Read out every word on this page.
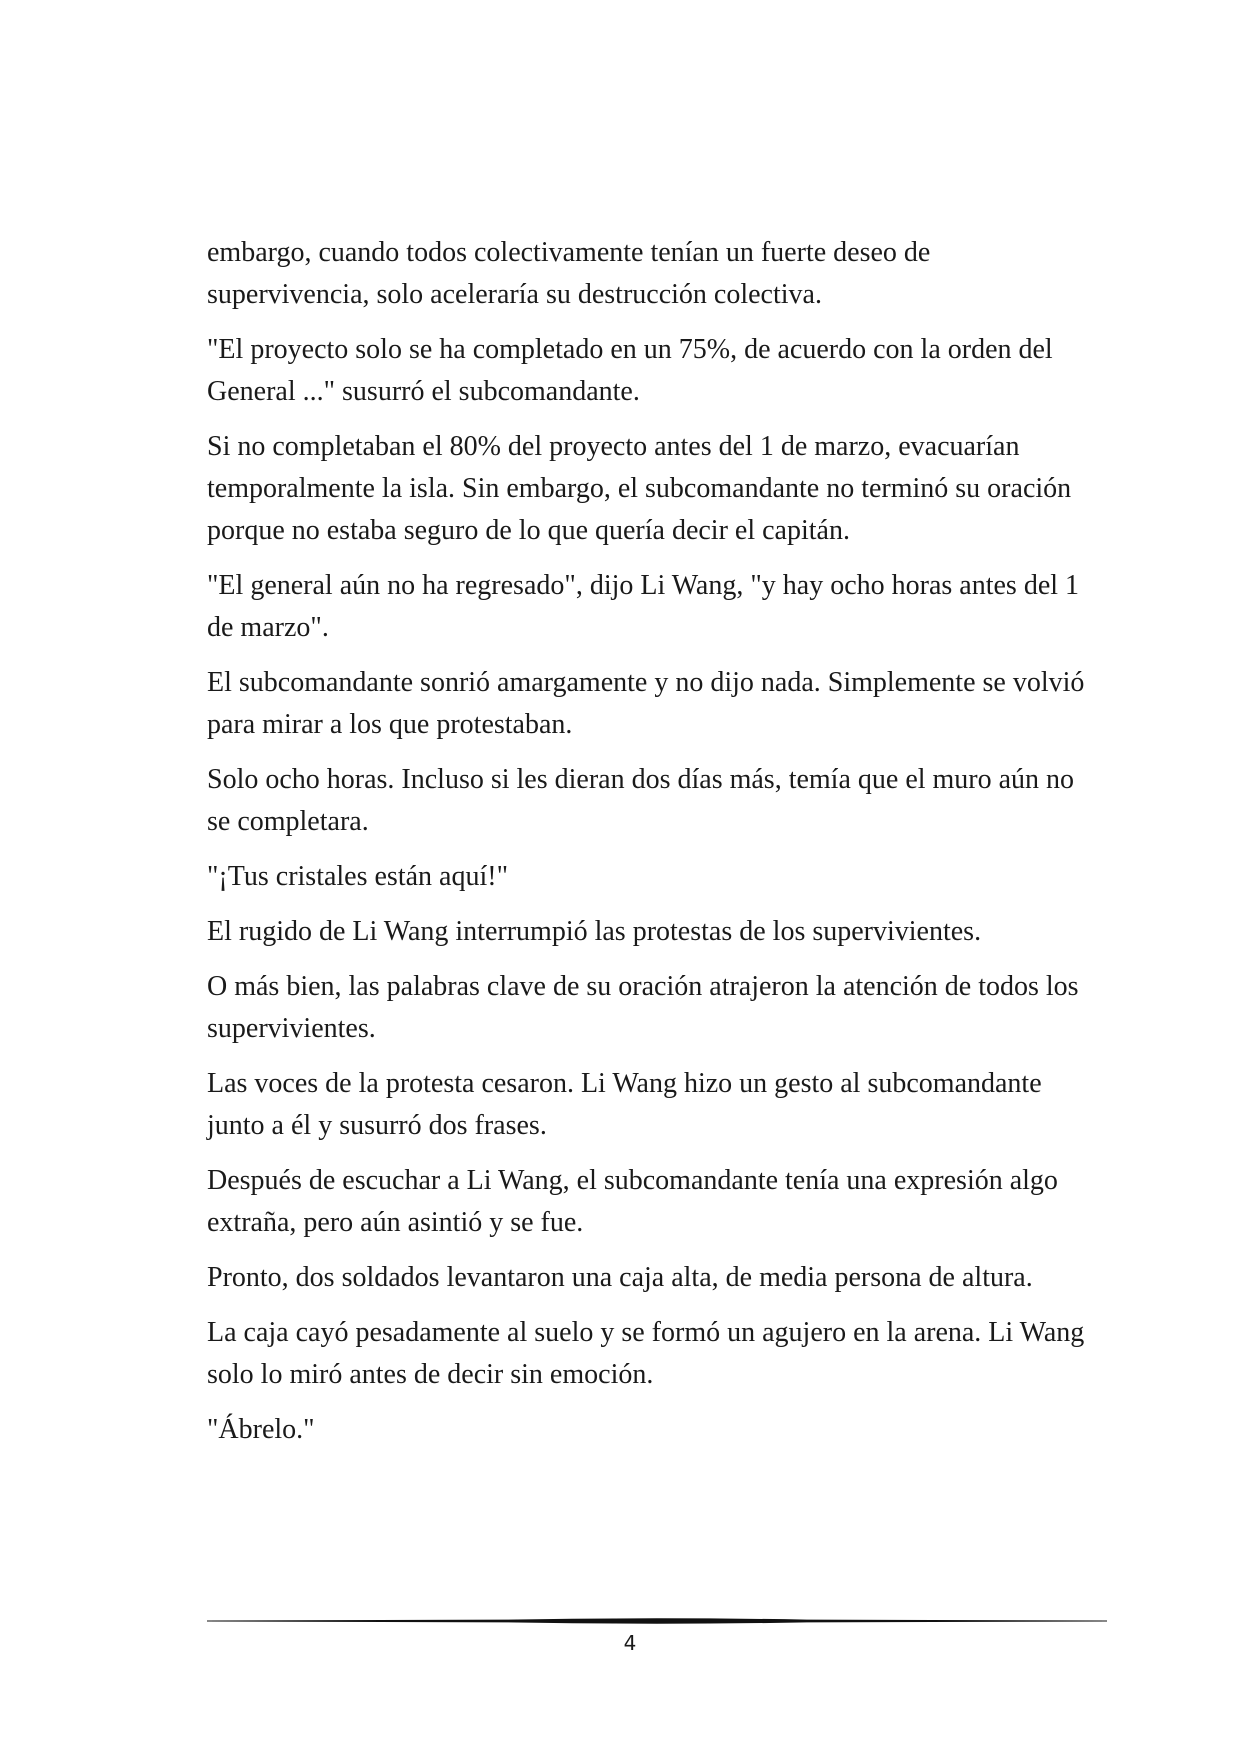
embargo, cuando todos colectivamente tenían un fuerte deseo de supervivencia, solo aceleraría su destrucción colectiva.

"El proyecto solo se ha completado en un 75%, de acuerdo con la orden del General ..." susurró el subcomandante.

Si no completaban el 80% del proyecto antes del 1 de marzo, evacuarían temporalmente la isla. Sin embargo, el subcomandante no terminó su oración porque no estaba seguro de lo que quería decir el capitán.

"El general aún no ha regresado", dijo Li Wang, "y hay ocho horas antes del 1 de marzo".

El subcomandante sonrió amargamente y no dijo nada. Simplemente se volvió para mirar a los que protestaban.

Solo ocho horas. Incluso si les dieran dos días más, temía que el muro aún no se completara.

"¡Tus cristales están aquí!"

El rugido de Li Wang interrumpió las protestas de los supervivientes.

O más bien, las palabras clave de su oración atrajeron la atención de todos los supervivientes.

Las voces de la protesta cesaron. Li Wang hizo un gesto al subcomandante junto a él y susurró dos frases.

Después de escuchar a Li Wang, el subcomandante tenía una expresión algo extraña, pero aún asintió y se fue.

Pronto, dos soldados levantaron una caja alta, de media persona de altura.

La caja cayó pesadamente al suelo y se formó un agujero en la arena. Li Wang solo lo miró antes de decir sin emoción.

"Ábrelo."

4
